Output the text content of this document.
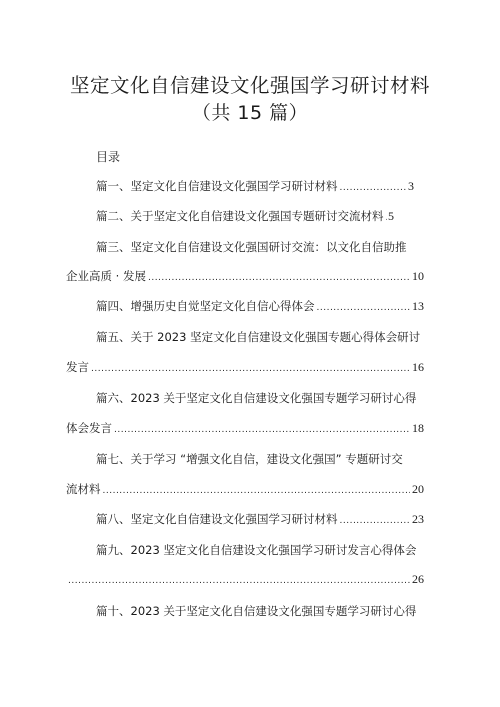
坚定文化自信建设文化强国学习研讨材料
（共 15 篇）
目录
篇一、坚定文化自信建设文化强国学习研讨材料 .....	3
篇二、关于坚定文化自信建设文化强国专题研讨交流材料 ..... 5
篇三、坚定文化自信建设文化强国研讨交流：以文化自信助推
企业高质 · 发展 .....	10
篇四、增强历史自觉坚定文化自信心得体会 .....	13
篇五、关于 2023 坚定文化自信建设文化强国专题心得体会研讨
发言 .....	16
篇六、2023 关于坚定文化自信建设文化强国专题学习研讨心得
体会发言 .....	18
篇七、关于学习 “增强文化自信，建设文化强国” 专题研讨交
流材料 .....	20
篇八、坚定文化自信建设文化强国学习研讨材料 .....	23
篇九、2023 坚定文化自信建设文化强国学习研讨发言心得体会
.....
26
篇十、2023 关于坚定文化自信建设文化强国专题学习研讨心得
